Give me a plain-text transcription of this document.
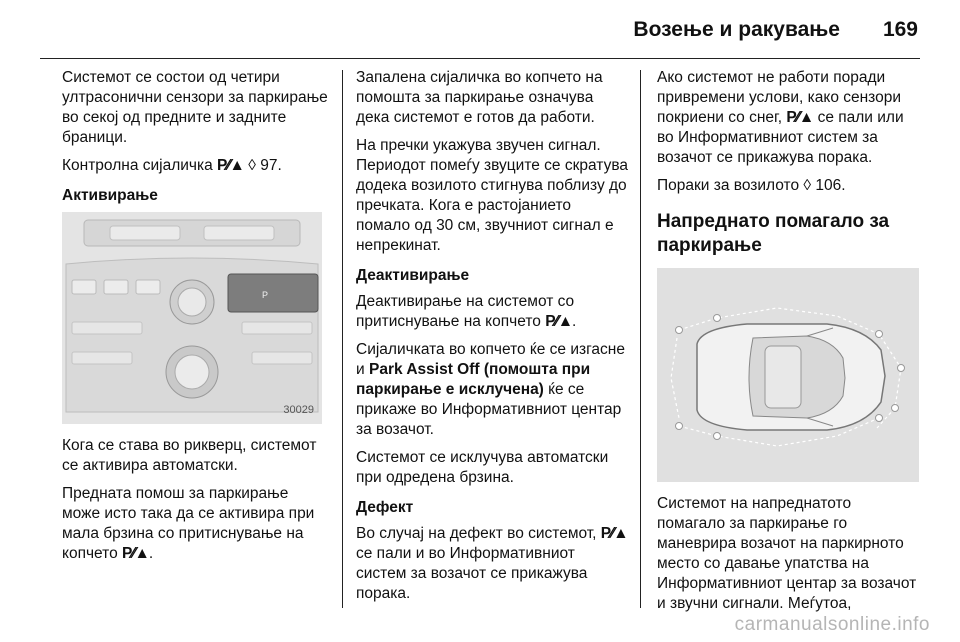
Возење и ракување 169

Системот се состои од четири ултрасонични сензори за паркирање во секој од предните и задните браници.

Контролна сијаличка P⁄⁄▲ ◊ 97.

Активирање
P
30029

Кога се става во рикверц, системот се активира автоматски.

Предната помош за паркирање може исто така да се активира при мала брзина со притиснување на копчето P⁄⁄▲.

Запалена сијаличка во копчето на помошта за паркирање означува дека системот е готов да работи.

На пречки укажува звучен сигнал. Периодот помеѓу звуците се скратува додека возилото стигнува поблизу до пречката. Кога е растојанието помало од 30 см, звучниот сигнал е непрекинат.

Деактивирање

Деактивирање на системот со притиснување на копчето P⁄⁄▲.

Сијаличката во копчето ќе се изгасне и Park Assist Off (помошта при паркирање е исклучена) ќе се прикаже во Информативниот центар за возачот.

Системот се исклучува автоматски при одредена брзина.

Дефект

Во случај на дефект во системот, P⁄⁄▲ се пали и во Информативниот систем за возачот се прикажува порака.

Ако системот не работи поради привремени услови, како сензори покриени со снег, P⁄⁄▲ се пали или во Информативниот систем за возачот се прикажува порака.

Пораки за возилото ◊ 106.

Напреднато помагало за паркирање

Системот на напреднатото помагало за паркирање го маневрира возачот на паркирното место со давање упатства на Информативниот центар за возачот и звучни сигнали. Меѓутоа,

carmanualsonline.info
